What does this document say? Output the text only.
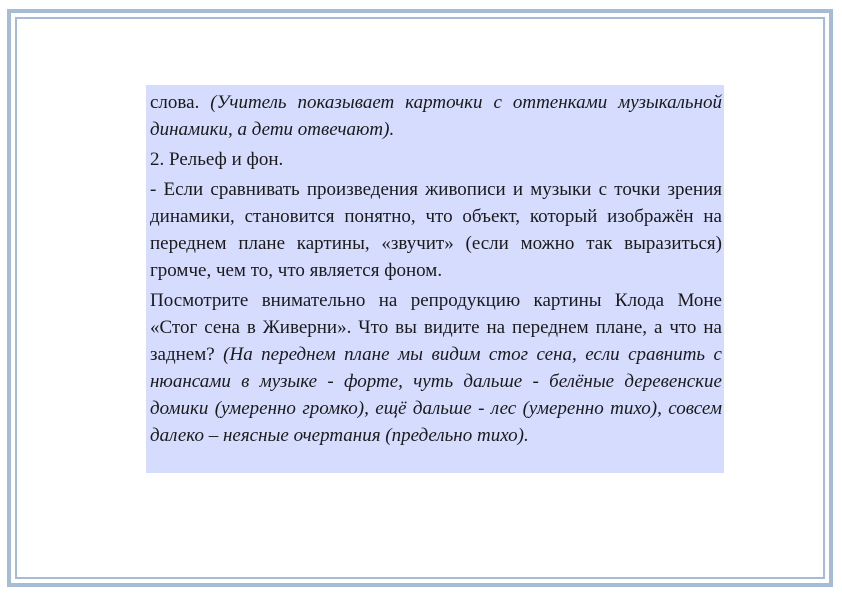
слова. (Учитель показывает карточки с оттенками музыкальной динамики, а дети отвечают).

2. Рельеф и фон.

- Если сравнивать произведения живописи и музыки с точки зрения динамики, становится понятно, что объект, который изображён на переднем плане картины, «звучит» (если можно так выразиться) громче, чем то, что является фоном.

Посмотрите внимательно на репродукцию картины Клода Моне «Стог сена в Живерни». Что вы видите на переднем плане, а что на заднем? (На переднем плане мы видим стог сена, если сравнить с нюансами в музыке - форте, чуть дальше - белёные деревенские домики (умеренно громко), ещё дальше - лес (умеренно тихо), совсем далеко – неясные очертания (предельно тихо).
